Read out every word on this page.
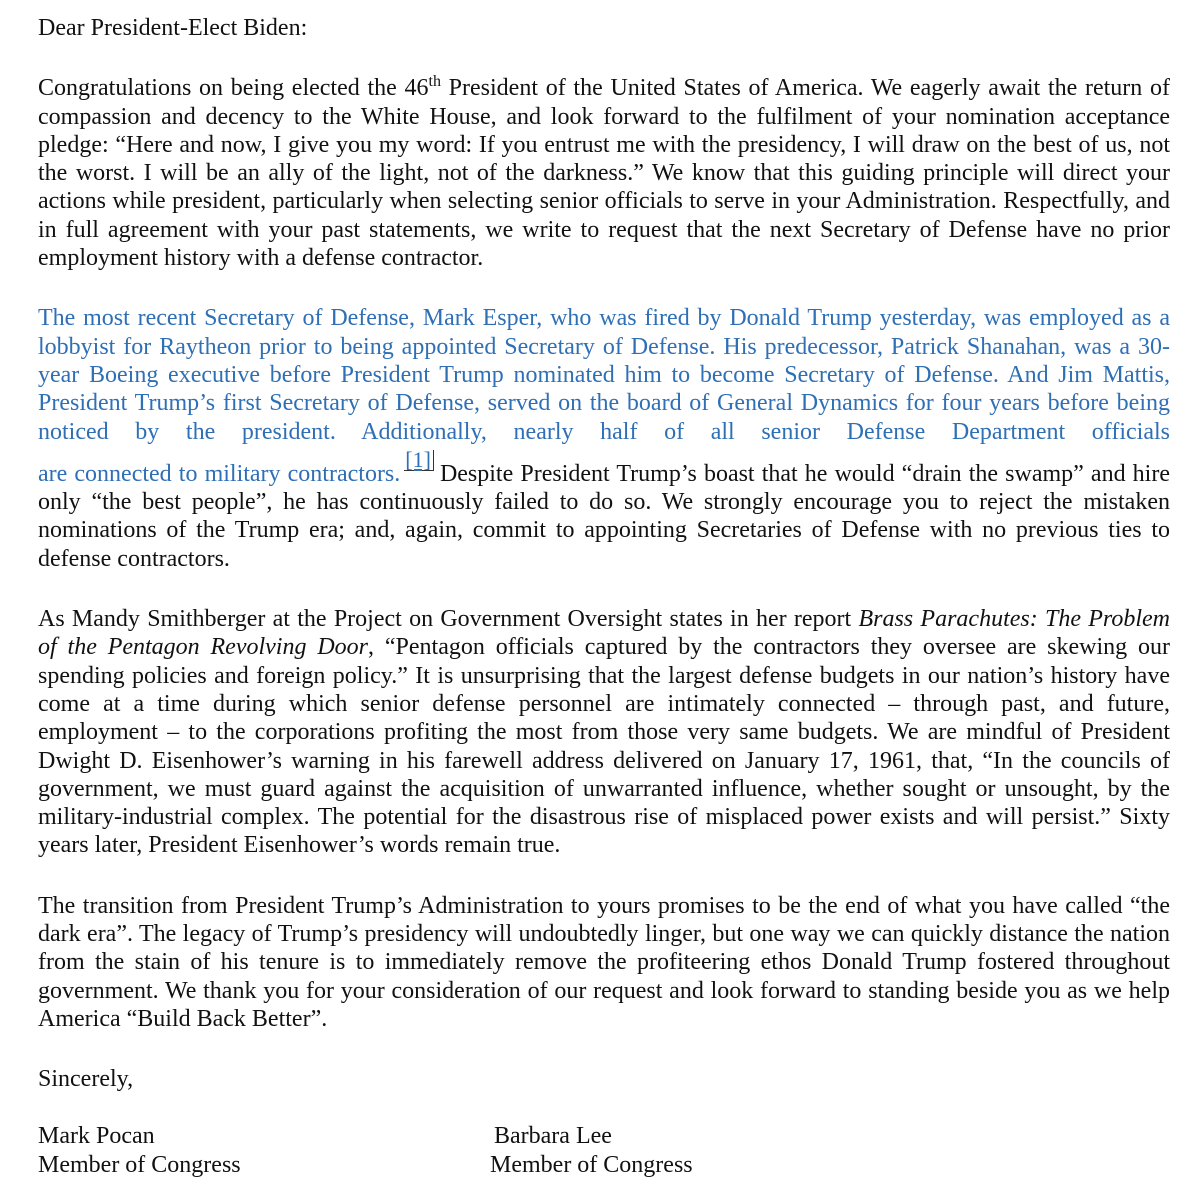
Dear President-Elect Biden:

Congratulations on being elected the 46th President of the United States of America. We eagerly await the return of compassion and decency to the White House, and look forward to the fulfilment of your nomination acceptance pledge: “Here and now, I give you my word: If you entrust me with the presidency, I will draw on the best of us, not the worst. I will be an ally of the light, not of the darkness.” We know that this guiding principle will direct your actions while president, particularly when selecting senior officials to serve in your Administration. Respectfully, and in full agreement with your past statements, we write to request that the next Secretary of Defense have no prior employment history with a defense contractor.

The most recent Secretary of Defense, Mark Esper, who was fired by Donald Trump yesterday, was employed as a lobbyist for Raytheon prior to being appointed Secretary of Defense. His predecessor, Patrick Shanahan, was a 30-year Boeing executive before President Trump nominated him to become Secretary of Defense. And Jim Mattis, President Trump’s first Secretary of Defense, served on the board of General Dynamics for four years before being noticed by the president. Additionally, nearly half of all senior Defense Department officials

are connected to military contractors.[1]Despite President Trump’s boast that he would “drain the swamp” and hire only “the best people”, he has continuously failed to do so. We strongly encourage you to reject the mistaken nominations of the Trump era; and, again, commit to appointing Secretaries of Defense with no previous ties to defense contractors.

As Mandy Smithberger at the Project on Government Oversight states in her report Brass Parachutes: The Problem of the Pentagon Revolving Door, “Pentagon officials captured by the contractors they oversee are skewing our spending policies and foreign policy.” It is unsurprising that the largest defense budgets in our nation’s history have come at a time during which senior defense personnel are intimately connected – through past, and future, employment – to the corporations profiting the most from those very same budgets. We are mindful of President Dwight D. Eisenhower’s warning in his farewell address delivered on January 17, 1961, that, “In the councils of government, we must guard against the acquisition of unwarranted influence, whether sought or unsought, by the military-industrial complex. The potential for the disastrous rise of misplaced power exists and will persist.” Sixty years later, President Eisenhower’s words remain true.

The transition from President Trump’s Administration to yours promises to be the end of what you have called “the dark era”. The legacy of Trump’s presidency will undoubtedly linger, but one way we can quickly distance the nation from the stain of his tenure is to immediately remove the profiteering ethos Donald Trump fostered throughout government. We thank you for your consideration of our request and look forward to standing beside you as we help America “Build Back Better”.

Sincerely,
Mark Pocan
Member of Congress
Barbara Lee
Member of Congress
